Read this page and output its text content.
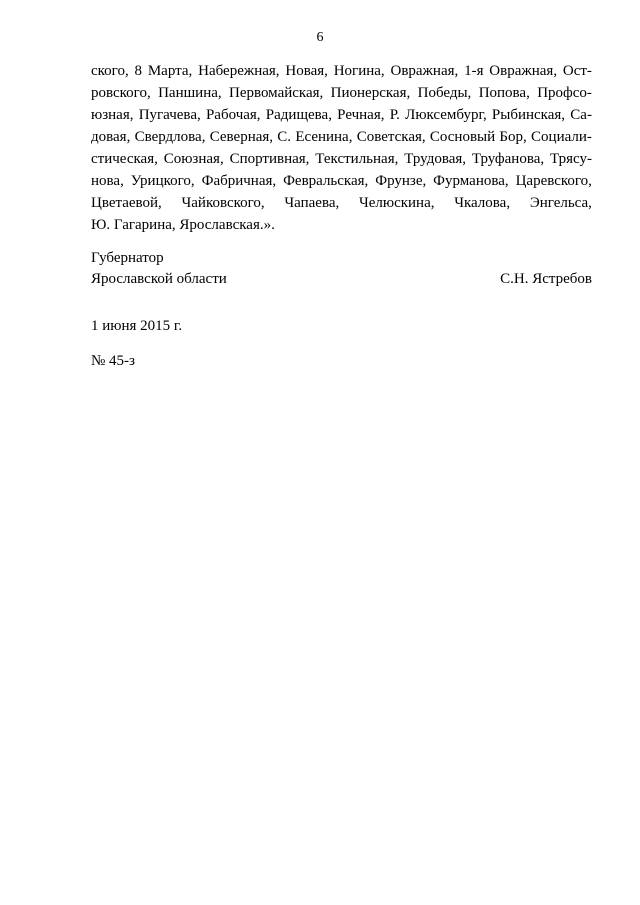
6
ского, 8 Марта, Набережная, Новая, Ногина, Овражная, 1-я Овражная, Ост-
ровского, Паншина, Первомайская, Пионерская, Победы, Попова, Профсо-
юзная, Пугачева, Рабочая, Радищева, Речная, Р. Люксембург, Рыбинская, Са-
довая, Свердлова, Северная, С. Есенина, Советская, Сосновый Бор, Социали-
стическая, Союзная, Спортивная, Текстильная, Трудовая, Труфанова, Трясу-
нова, Урицкого, Фабричная, Февральская, Фрунзе, Фурманова, Царевского,
Цветаевой, Чайковского, Чапаева, Челюскина, Чкалова, Энгельса,
Ю. Гагарина, Ярославская.».
Губернатор
Ярославской области	С.Н. Ястребов
1 июня 2015 г.
№ 45-з
